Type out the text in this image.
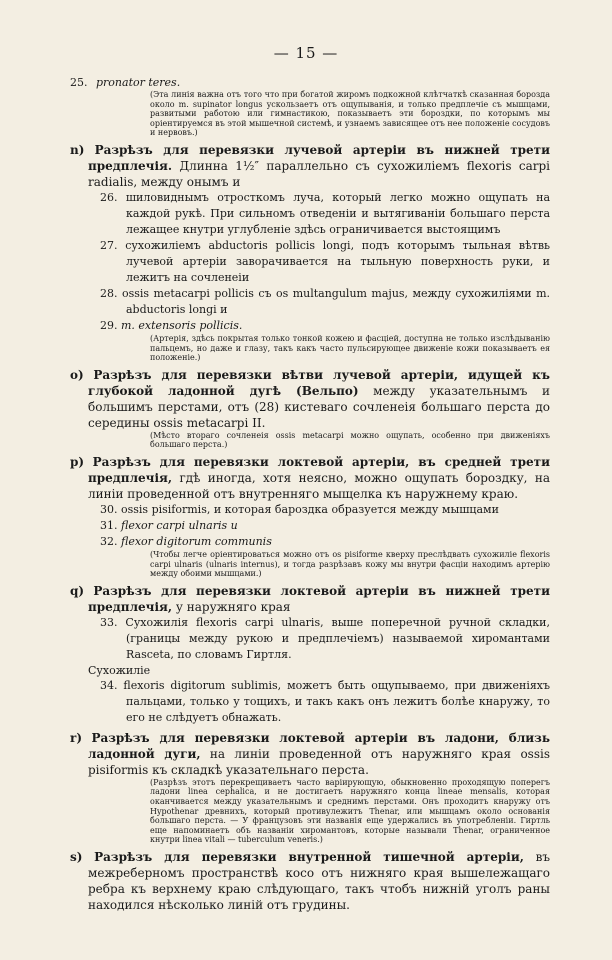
— 15 —
25. pronator teres.
(Эта линія важна отъ того что при богатой жиромъ подкожной клѣтчаткѣ сказанная борозда около m. supinator longus ускользаетъ отъ ощупыванія, и только предплечіе съ мышцами, развитыми работою или гимнастикою, показываетъ эти бороздки, по которымъ мы оріентируемся въ этой мышечной системѣ, и узнаемъ зависящее отъ нее положеніе сосудовъ и нервовъ.)
n) Разрѣзъ для перевязки лучевой артеріи въ нижней трети предплечія. Длинна 1½″ параллельно съ сухожиліемъ flexoris carpi radialis, между онымъ и
26. шиловиднымъ отросткомъ луча, который легко можно ощупать на каждой рукѣ. При сильномъ отведеніи и вытягиваніи большаго перста лежащее кнутри углубленіе здѣсь ограничивается выстоящимъ
27. сухожиліемъ abductoris pollicis longi, подъ которымъ тыльная вѣтвь лучевой артеріи заворачивается на тыльную поверхность руки, и лежитъ на сочленеіи
28. ossis metacarpi pollicis съ os multangulum majus, между сухожиліями m. abductoris longi и
29. m. extensoris pollicis.
(Артерія, здѣсь покрытая только тонкой кожею и фасціей, доступна не только изслѣдыванію пальцемъ, но даже и глазу, такъ какъ часто пульсирующее движеніе кожи показываетъ ея положеніе.)
o) Разрѣзъ для перевязки вѣтви лучевой артеріи, идущей къ глубокой ладонной дугѣ (Вельпо) между указательнымъ и большимъ перстами, отъ (28) кистеваго сочленеія большаго перста до середины ossis metacarpi II.
(Мѣсто втораго сочленеія ossis metacarpi можно ощупать, особенно при движеніяхъ большаго перста.)
p) Разрѣзъ для перевязки локтевой артеріи, въ средней трети предплечія, гдѣ иногда, хотя неясно, можно ощупать бороздку, на линіи проведенной отъ внутренняго мыщелка къ наружнему краю.
30. ossis pisiformis, и которая бароздка образуется между мышцами
31. flexor carpi ulnaris и
32. flexor digitorum communis
(Чтобы легче оріентироваться можно отъ os pisiforme кверху преслѣдвать сухожиліе flexoris carpi ulnaris (ulnaris internus), и тогда разрѣзавъ кожу мы внутри фасціи находимъ артерію между обоими мышцами.)
q) Разрѣзъ для перевязки локтевой артеріи въ нижней трети предплечія, у наружняго края
33. Сухожилія flexoris carpi ulnaris, выше поперечной ручной складки, (границы между рукою и предплечіемъ) называемой хиромантами Rasceta, по словамъ Гиртля.
Сухожиліе
34. flexoris digitorum sublimis, можетъ быть ощупываемо, при движеніяхъ пальцами, только у тощихъ, и такъ какъ онъ лежитъ болѣе кнаружу, то его не слѣдуетъ обнажать.
r) Разрѣзъ для перевязки локтевой артеріи въ ладони, близь ладонной дуги, на линіи проведенной отъ наружняго края ossis pisiformis къ складкѣ указательнаго перста.
(Разрѣзъ этотъ перекрещиваетъ часто варіирующую, обыкновенно проходящую поперегъ ладони linea cephalica, и не достигаетъ наружняго конца lineae mensalis, которая оканчивается между указательнымъ и среднимъ перстами. Онъ проходитъ кнаружу отъ Hypothenar древнихъ, который противулежитъ Thenar, или мышцамъ около основанія большаго перста. — У французовъ эти названія еще удержались въ употребленіи. Гиртль еще напоминаетъ объ названіи хиромантовъ, которые называли Thenar, ограниченное кнутри linea vitali — tuberculum veneris.)
s) Разрѣзъ для перевязки внутренной тишечной артеріи, въ межреберномъ пространствѣ косо отъ нижняго края вышележащаго ребра къ верхнему краю слѣдующаго, такъ чтобъ нижній уголъ раны находился нѣсколько линій отъ грудины.
